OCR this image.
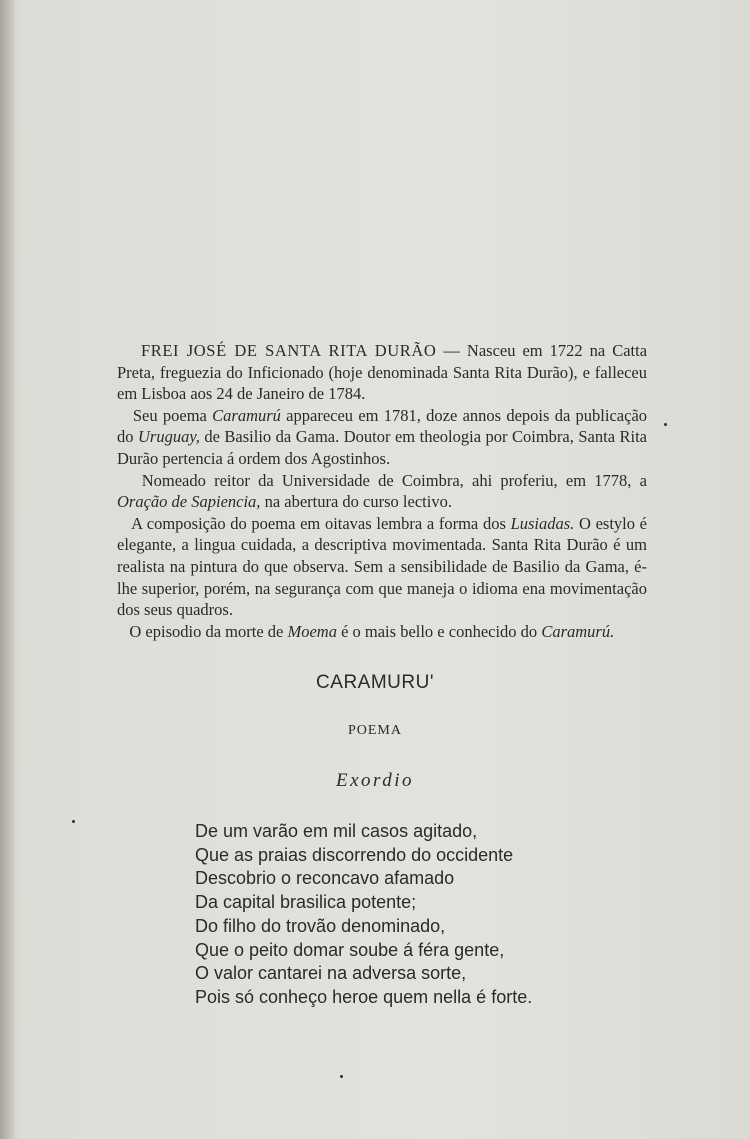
FREI JOSÉ DE SANTA RITA DURÃO — Nasceu em 1722 na Catta Preta, freguezia do Inficionado (hoje denominada Santa Rita Durão), e falleceu em Lisboa aos 24 de Janeiro de 1784.

Seu poema Caramurú appareceu em 1781, doze annos depois da publicação do Uruguay, de Basilio da Gama. Doutor em theologia por Coimbra, Santa Rita Durão pertencia á ordem dos Agostinhos.

Nomeado reitor da Universidade de Coimbra, ahi proferiu, em 1778, a Oração de Sapiencia, na abertura do curso lectivo.

A composição do poema em oitavas lembra a forma dos Lusiadas. O estylo é elegante, a lingua cuidada, a descriptiva movimentada. Santa Rita Durão é um realista na pintura do que observa. Sem a sensibilidade de Basilio da Gama, é-lhe superior, porém, na segurança com que maneja o idioma ena movimentação dos seus quadros.

O episodio da morte de Moema é o mais bello e conhecido do Caramurú.

CARAMURU'
POEMA
Exordio
De um varão em mil casos agitado,
Que as praias discorrendo do occidente
Descobrio o reconcavo afamado
Da capital brasilica potente;
Do filho do trovão denominado,
Que o peito domar soube á féra gente,
O valor cantarei na adversa sorte,
Pois só conheço heroe quem nella é forte.
